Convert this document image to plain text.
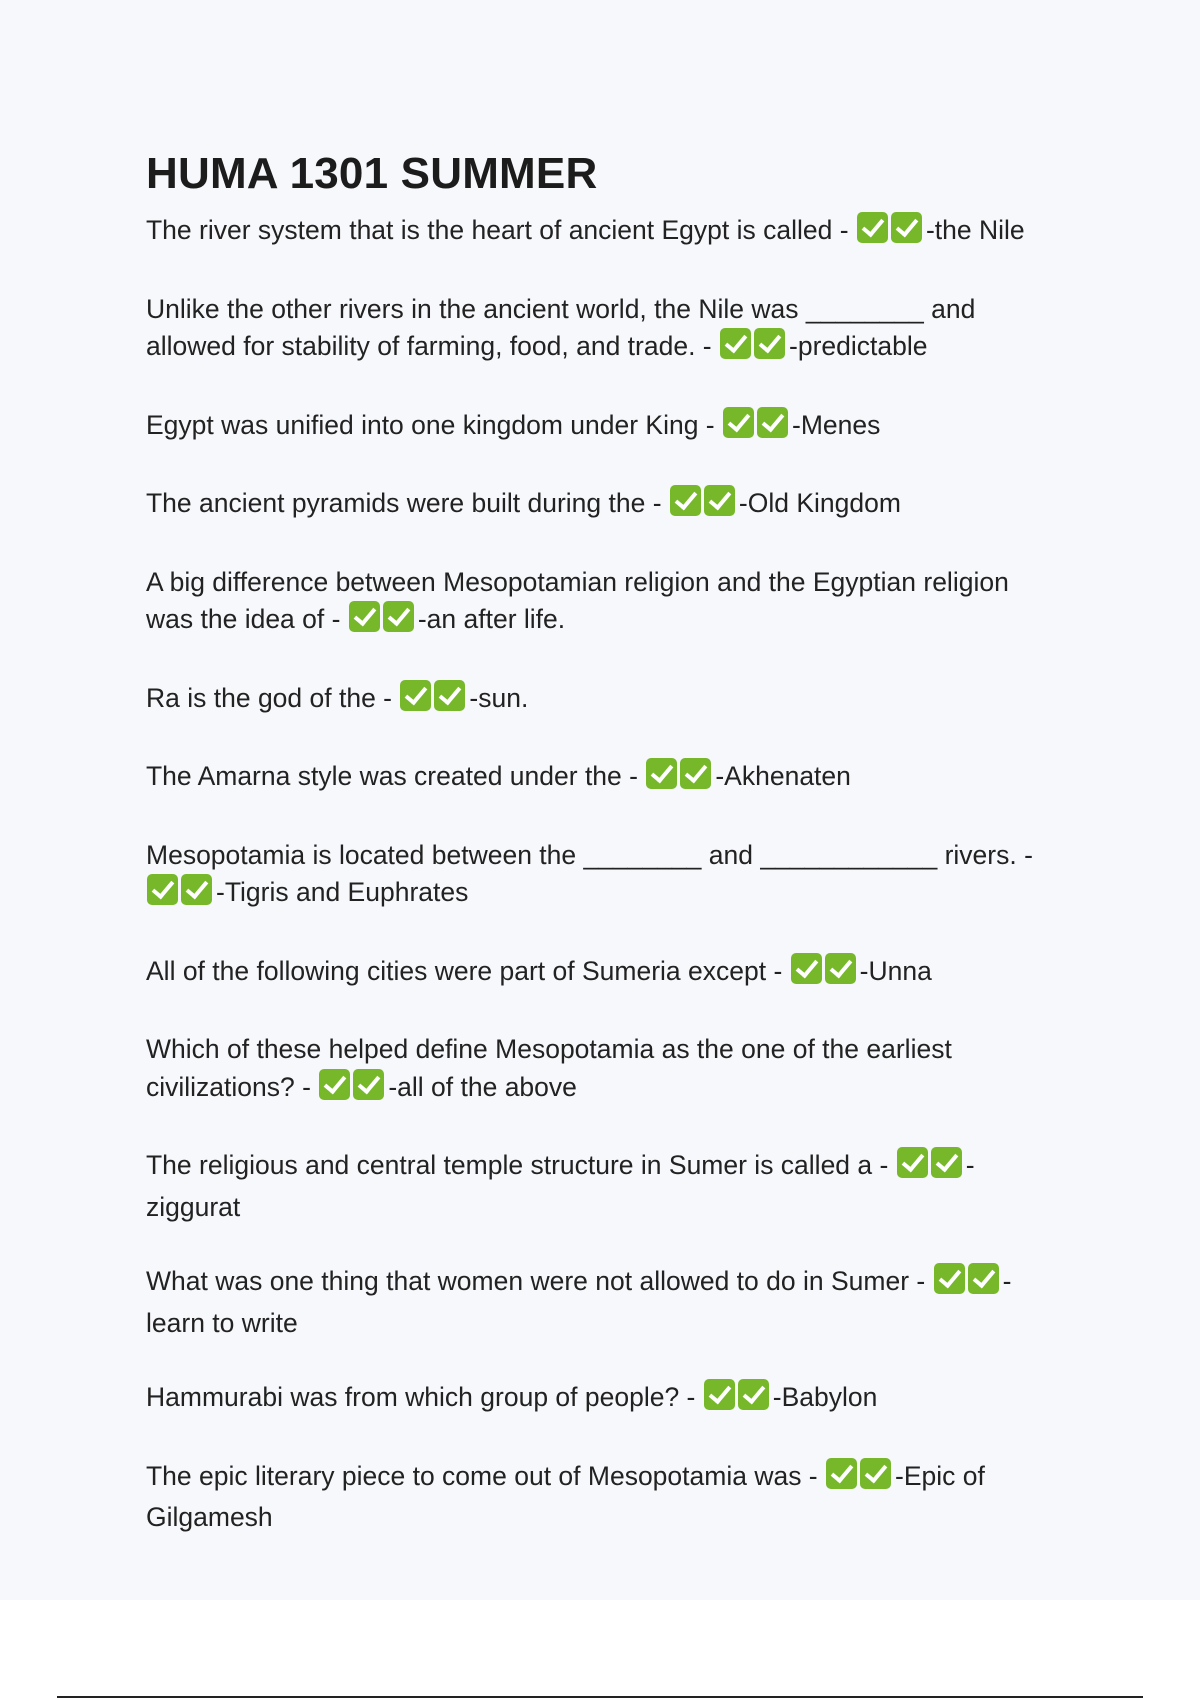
HUMA 1301 SUMMER
The river system that is the heart of ancient Egypt is called -	-the Nile
Unlike the other rivers in the ancient world, the Nile was ________ and allowed for stability of farming, food, and trade. -	-predictable
Egypt was unified into one kingdom under King -	-Menes
The ancient pyramids were built during the -	-Old Kingdom
A big difference between Mesopotamian religion and the Egyptian religion was the idea of -	-an after life.
Ra is the god of the -	-sun.
The Amarna style was created under the -	-Akhenaten
Mesopotamia is located between the ________ and ____________ rivers. - -Tigris and Euphrates
All of the following cities were part of Sumeria except -	-Unna
Which of these helped define Mesopotamia as the one of the earliest civilizations? -	-all of the above
The religious and central temple structure in Sumer is called a -	-ziggurat
What was one thing that women were not allowed to do in Sumer -	-learn to write
Hammurabi was from which group of people? -	-Babylon
The epic literary piece to come out of Mesopotamia was -	-Epic of Gilgamesh
